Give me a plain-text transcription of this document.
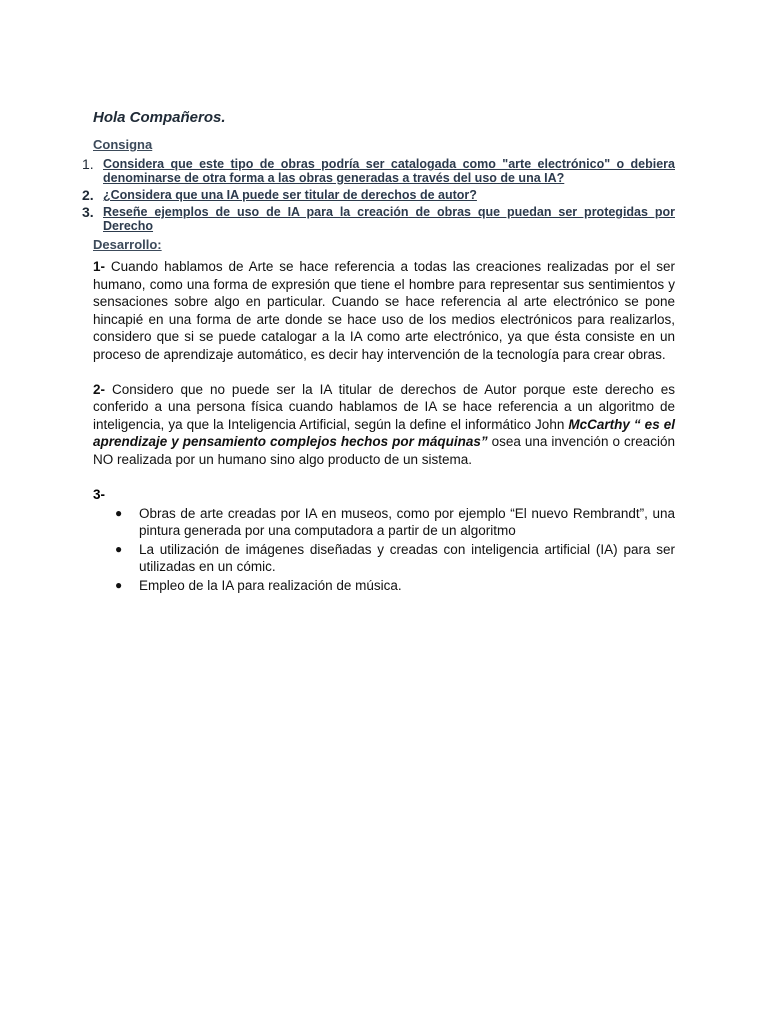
Hola Compañeros.
Consigna
1. Considera que este tipo de obras podría ser catalogada como "arte electrónico" o debiera denominarse de otra forma a las obras generadas a través del uso de una IA?
2. ¿Considera que una IA puede ser titular de derechos de autor?
3. Reseñe ejemplos de uso de IA para la creación de obras que puedan ser protegidas por Derecho
Desarrollo:

1- Cuando hablamos de Arte se hace referencia a todas las creaciones realizadas por el ser humano, como una forma de expresión que tiene el hombre para representar sus sentimientos y sensaciones sobre algo en particular. Cuando se hace referencia al arte electrónico se pone hincapié en una forma de arte donde se hace uso de los medios electrónicos para realizarlos, considero que si se puede catalogar a la IA como arte electrónico, ya que ésta consiste en un proceso de aprendizaje automático, es decir hay intervención de la tecnología para crear obras.

2- Considero que no puede ser la IA titular de derechos de Autor porque este derecho es conferido a una persona física cuando hablamos de IA se hace referencia a un algoritmo de inteligencia, ya que la Inteligencia Artificial, según la define el informático John McCarthy “ es el aprendizaje y pensamiento complejos hechos por máquinas” osea una invención o creación NO realizada por un humano sino algo producto de un sistema.

3-
● Obras de arte creadas por IA en museos, como por ejemplo “El nuevo Rembrandt”, una pintura generada por una computadora a partir de un algoritmo
● La utilización de imágenes diseñadas y creadas con inteligencia artificial (IA) para ser utilizadas en un cómic.
● Empleo de la IA para realización de música.
